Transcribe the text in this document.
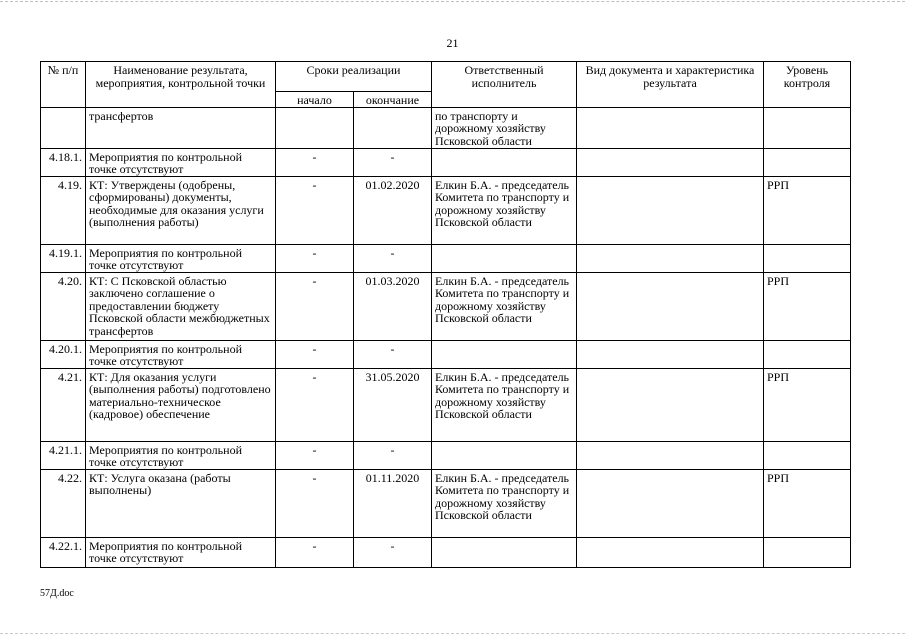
21
№ п/п	Наименование результата, мероприятия, контрольной точки	Сроки реализации		Ответственный исполнитель	Вид документа и характеристика результата	Уровень контроля
		начало	окончание			
	трансфертов			по транспорту и дорожному хозяйству Псковской области		
4.18.1.	Мероприятия по контрольной точке отсутствуют	-	-			
4.19.	КТ: Утверждены (одобрены, сформированы) документы, необходимые для оказания услуги (выполнения работы)	-	01.02.2020	Елкин Б.А. - председатель Комитета по транспорту и дорожному хозяйству Псковской области		РРП
4.19.1.	Мероприятия по контрольной точке отсутствуют	-	-			
4.20.	КТ: С Псковской областью заключено соглашение о предоставлении бюджету Псковской области межбюджетных трансфертов	-	01.03.2020	Елкин Б.А. - председатель Комитета по транспорту и дорожному хозяйству Псковской области		РРП
4.20.1.	Мероприятия по контрольной точке отсутствуют	-	-			
4.21.	КТ: Для оказания услуги (выполнения работы) подготовлено материально-техническое (кадровое) обеспечение	-	31.05.2020	Елкин Б.А. - председатель Комитета по транспорту и дорожному хозяйству Псковской области		РРП
4.21.1.	Мероприятия по контрольной точке отсутствуют	-	-			
4.22.	КТ: Услуга оказана (работы выполнены)	-	01.11.2020	Елкин Б.А. - председатель Комитета по транспорту и дорожному хозяйству Псковской области		РРП
4.22.1.	Мероприятия по контрольной точке отсутствуют	-	-			
57Д.doc
